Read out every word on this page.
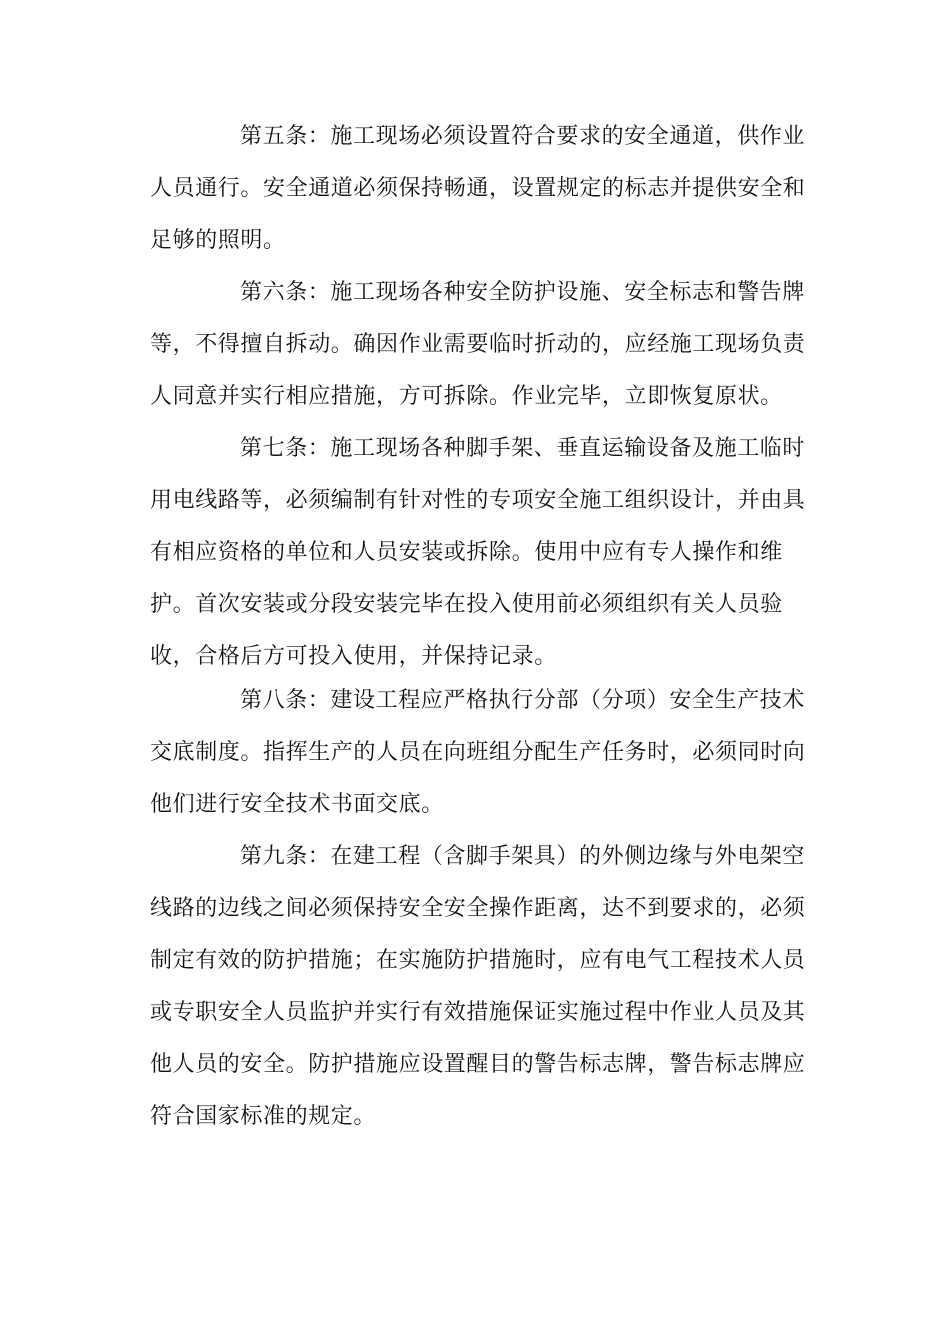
第五条：施工现场必须设置符合要求的安全通道，供作业
人员通行。安全通道必须保持畅通，设置规定的标志并提供安全和
足够的照明。
第六条：施工现场各种安全防护设施、安全标志和警告牌
等，不得擅自拆动。确因作业需要临时折动的，应经施工现场负责
人同意并实行相应措施，方可拆除。作业完毕，立即恢复原状。
第七条：施工现场各种脚手架、垂直运输设备及施工临时
用电线路等，必须编制有针对性的专项安全施工组织设计，并由具
有相应资格的单位和人员安装或拆除。使用中应有专人操作和维
护。首次安装或分段安装完毕在投入使用前必须组织有关人员验
收，合格后方可投入使用，并保持记录。
第八条：建设工程应严格执行分部（分项）安全生产技术
交底制度。指挥生产的人员在向班组分配生产任务时，必须同时向
他们进行安全技术书面交底。
第九条：在建工程（含脚手架具）的外侧边缘与外电架空
线路的边线之间必须保持安全安全操作距离，达不到要求的，必须
制定有效的防护措施；在实施防护措施时，应有电气工程技术人员
或专职安全人员监护并实行有效措施保证实施过程中作业人员及其
他人员的安全。防护措施应设置醒目的警告标志牌，警告标志牌应
符合国家标准的规定。
